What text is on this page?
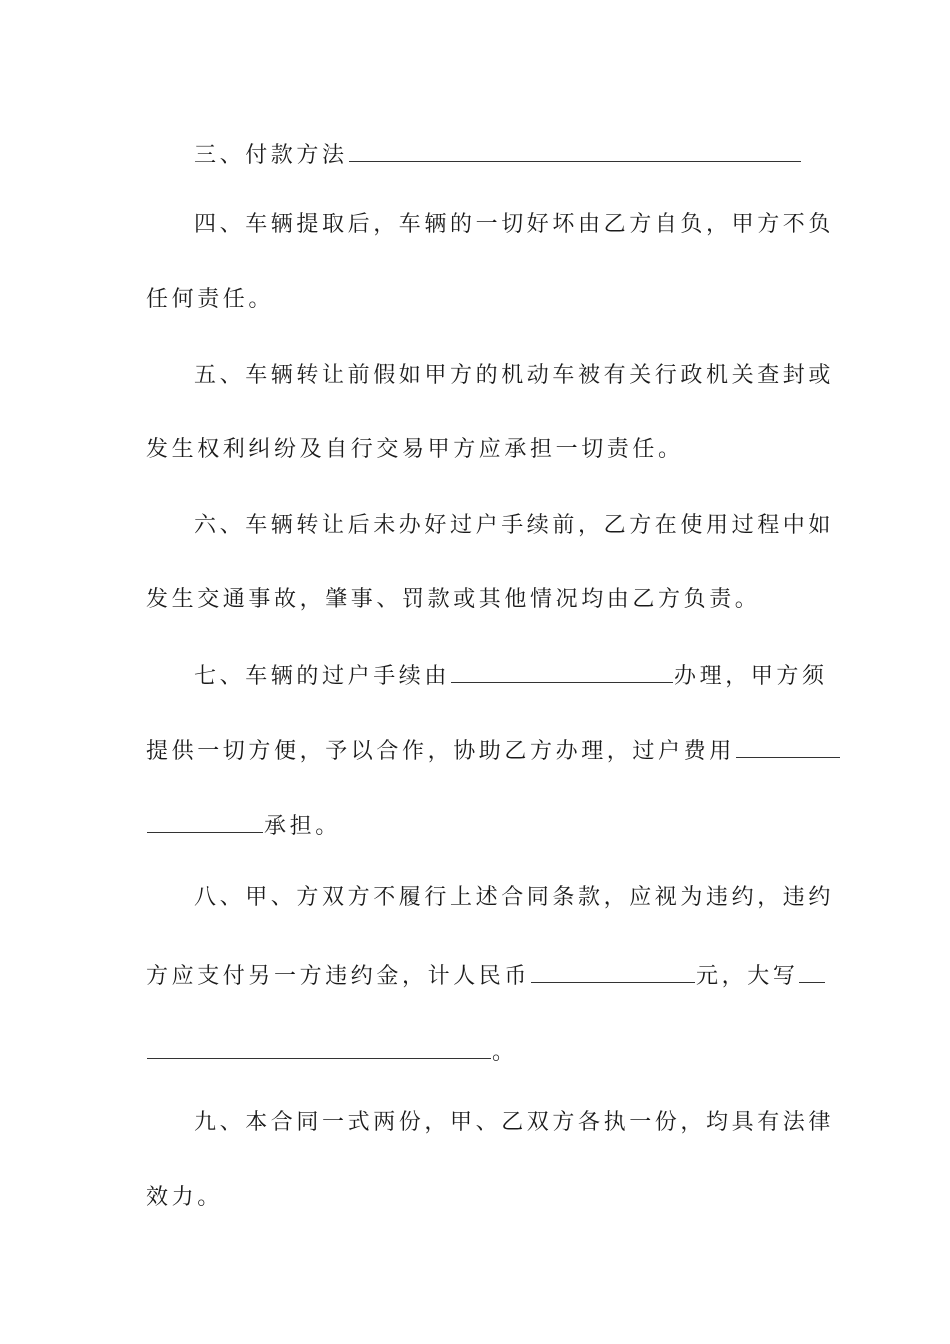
三、付款方法
四、车辆提取后，车辆的一切好坏由乙方自负，甲方不负
任何责任。
五、车辆转让前假如甲方的机动车被有关行政机关查封或
发生权利纠纷及自行交易甲方应承担一切责任。
六、车辆转让后未办好过户手续前，乙方在使用过程中如
发生交通事故，肇事、罚款或其他情况均由乙方负责。
七、车辆的过户手续由	办理，甲方须
提供一切方便，予以合作，协助乙方办理，过户费用
承担。
八、甲、方双方不履行上述合同条款，应视为违约，违约
方应支付另一方违约金，计人民币	元，大写
。
九、本合同一式两份，甲、乙双方各执一份，均具有法律
效力。
